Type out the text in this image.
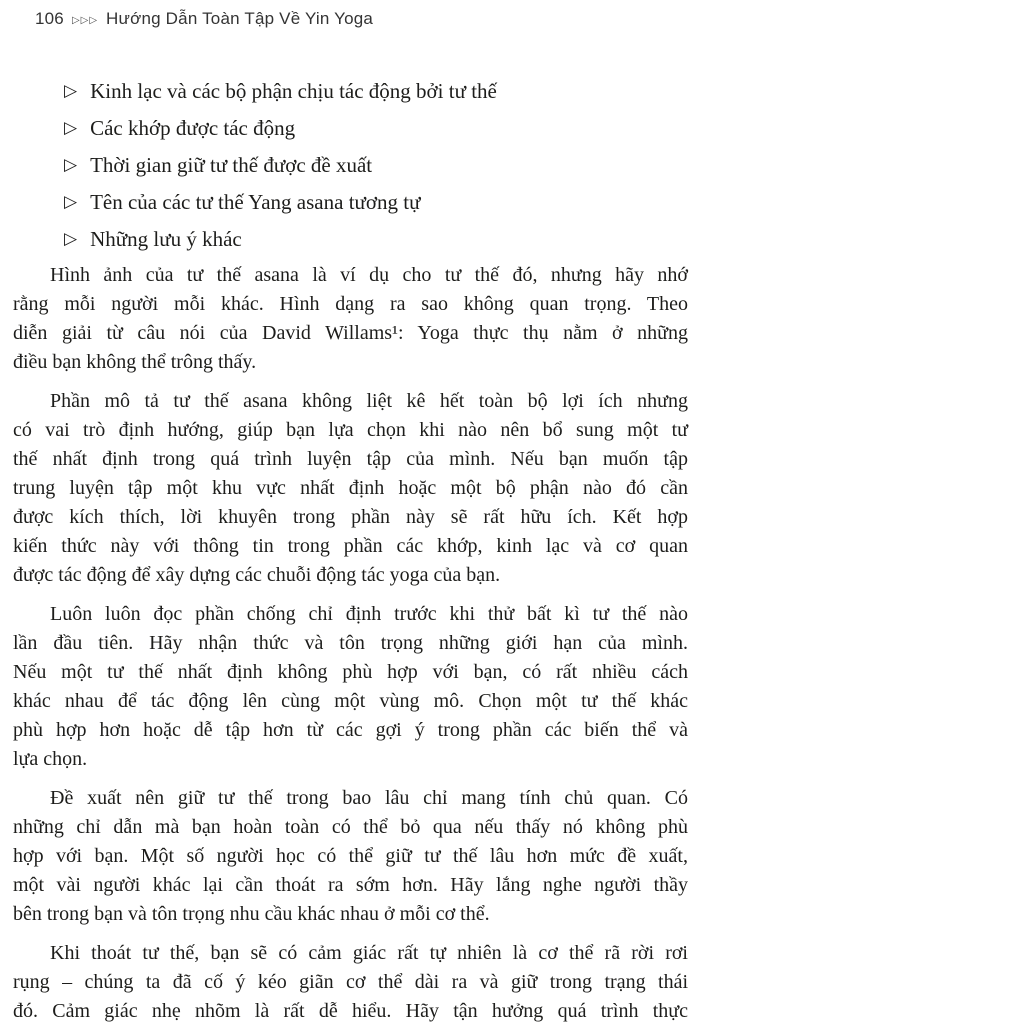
106 ▷▷▷ Hướng Dẫn Toàn Tập Về Yin Yoga
▷ Kinh lạc và các bộ phận chịu tác động bởi tư thế
▷ Các khớp được tác động
▷ Thời gian giữ tư thế được đề xuất
▷ Tên của các tư thế Yang asana tương tự
▷ Những lưu ý khác
Hình ảnh của tư thế asana là ví dụ cho tư thế đó, nhưng hãy nhớ
rằng mỗi người mỗi khác. Hình dạng ra sao không quan trọng. Theo
diễn giải từ câu nói của David Willams¹: Yoga thực thụ nằm ở những
điều bạn không thể trông thấy.
Phần mô tả tư thế asana không liệt kê hết toàn bộ lợi ích nhưng
có vai trò định hướng, giúp bạn lựa chọn khi nào nên bổ sung một tư
thế nhất định trong quá trình luyện tập của mình. Nếu bạn muốn tập
trung luyện tập một khu vực nhất định hoặc một bộ phận nào đó cần
được kích thích, lời khuyên trong phần này sẽ rất hữu ích. Kết hợp
kiến thức này với thông tin trong phần các khớp, kinh lạc và cơ quan
được tác động để xây dựng các chuỗi động tác yoga của bạn.
Luôn luôn đọc phần chống chỉ định trước khi thử bất kì tư thế nào
lần đầu tiên. Hãy nhận thức và tôn trọng những giới hạn của mình.
Nếu một tư thế nhất định không phù hợp với bạn, có rất nhiều cách
khác nhau để tác động lên cùng một vùng mô. Chọn một tư thế khác
phù hợp hơn hoặc dễ tập hơn từ các gợi ý trong phần các biến thể và
lựa chọn.
Đề xuất nên giữ tư thế trong bao lâu chỉ mang tính chủ quan. Có
những chỉ dẫn mà bạn hoàn toàn có thể bỏ qua nếu thấy nó không phù
hợp với bạn. Một số người học có thể giữ tư thế lâu hơn mức đề xuất,
một vài người khác lại cần thoát ra sớm hơn. Hãy lắng nghe người thầy
bên trong bạn và tôn trọng nhu cầu khác nhau ở mỗi cơ thể.
Khi thoát tư thế, bạn sẽ có cảm giác rất tự nhiên là cơ thể rã rời rơi
rụng – chúng ta đã cố ý kéo giãn cơ thể dài ra và giữ trong trạng thái
đó. Cảm giác nhẹ nhõm là rất dễ hiểu. Hãy tận hưởng quá trình thực
